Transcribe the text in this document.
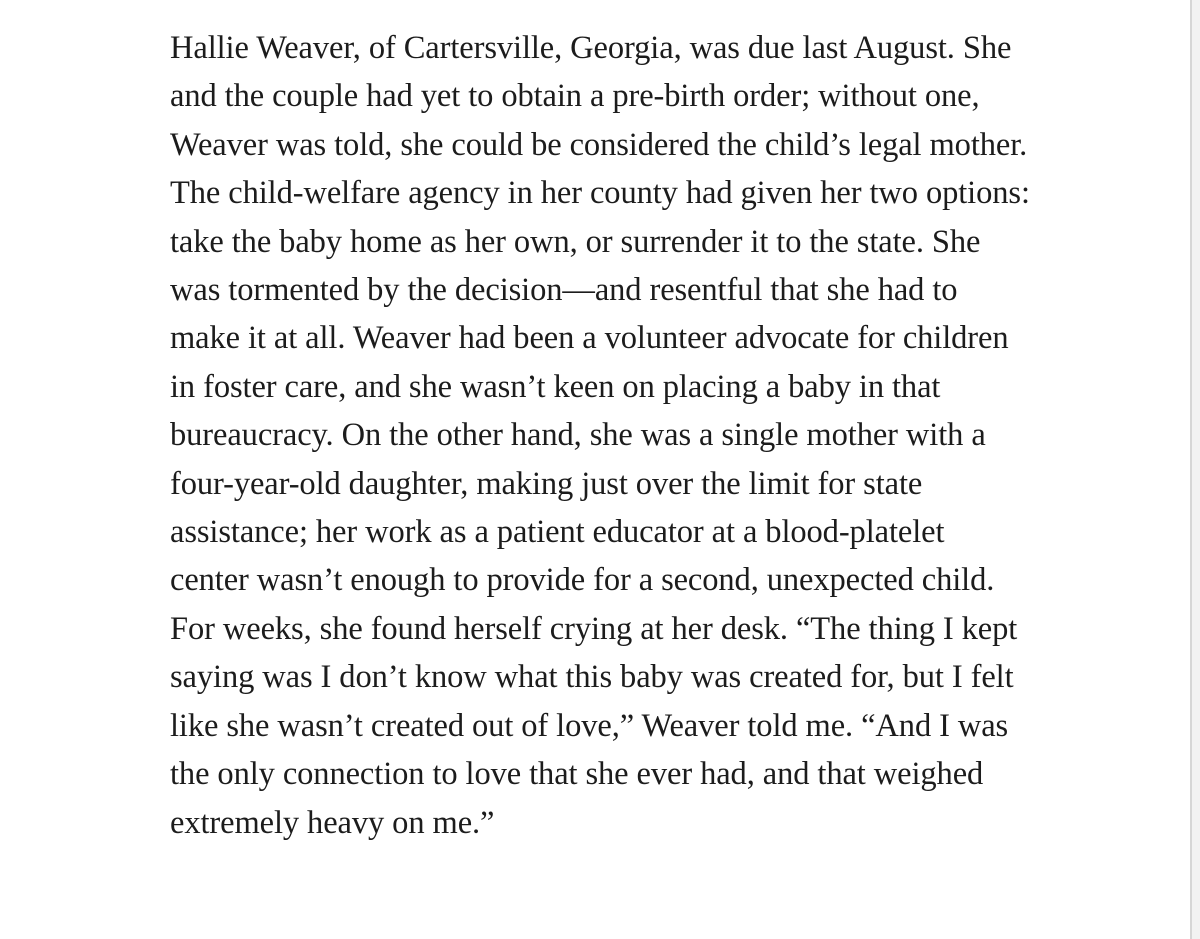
Hallie Weaver, of Cartersville, Georgia, was due last August. She
and the couple had yet to obtain a pre-birth order; without one,
Weaver was told, she could be considered the child’s legal mother.
The child-welfare agency in her county had given her two options:
take the baby home as her own, or surrender it to the state. She
was tormented by the decision—and resentful that she had to
make it at all. Weaver had been a volunteer advocate for children
in foster care, and she wasn’t keen on placing a baby in that
bureaucracy. On the other hand, she was a single mother with a
four-year-old daughter, making just over the limit for state
assistance; her work as a patient educator at a blood-platelet
center wasn’t enough to provide for a second, unexpected child.
For weeks, she found herself crying at her desk. “The thing I kept
saying was I don’t know what this baby was created for, but I felt
like she wasn’t created out of love,” Weaver told me. “And I was
the only connection to love that she ever had, and that weighed
extremely heavy on me.”
